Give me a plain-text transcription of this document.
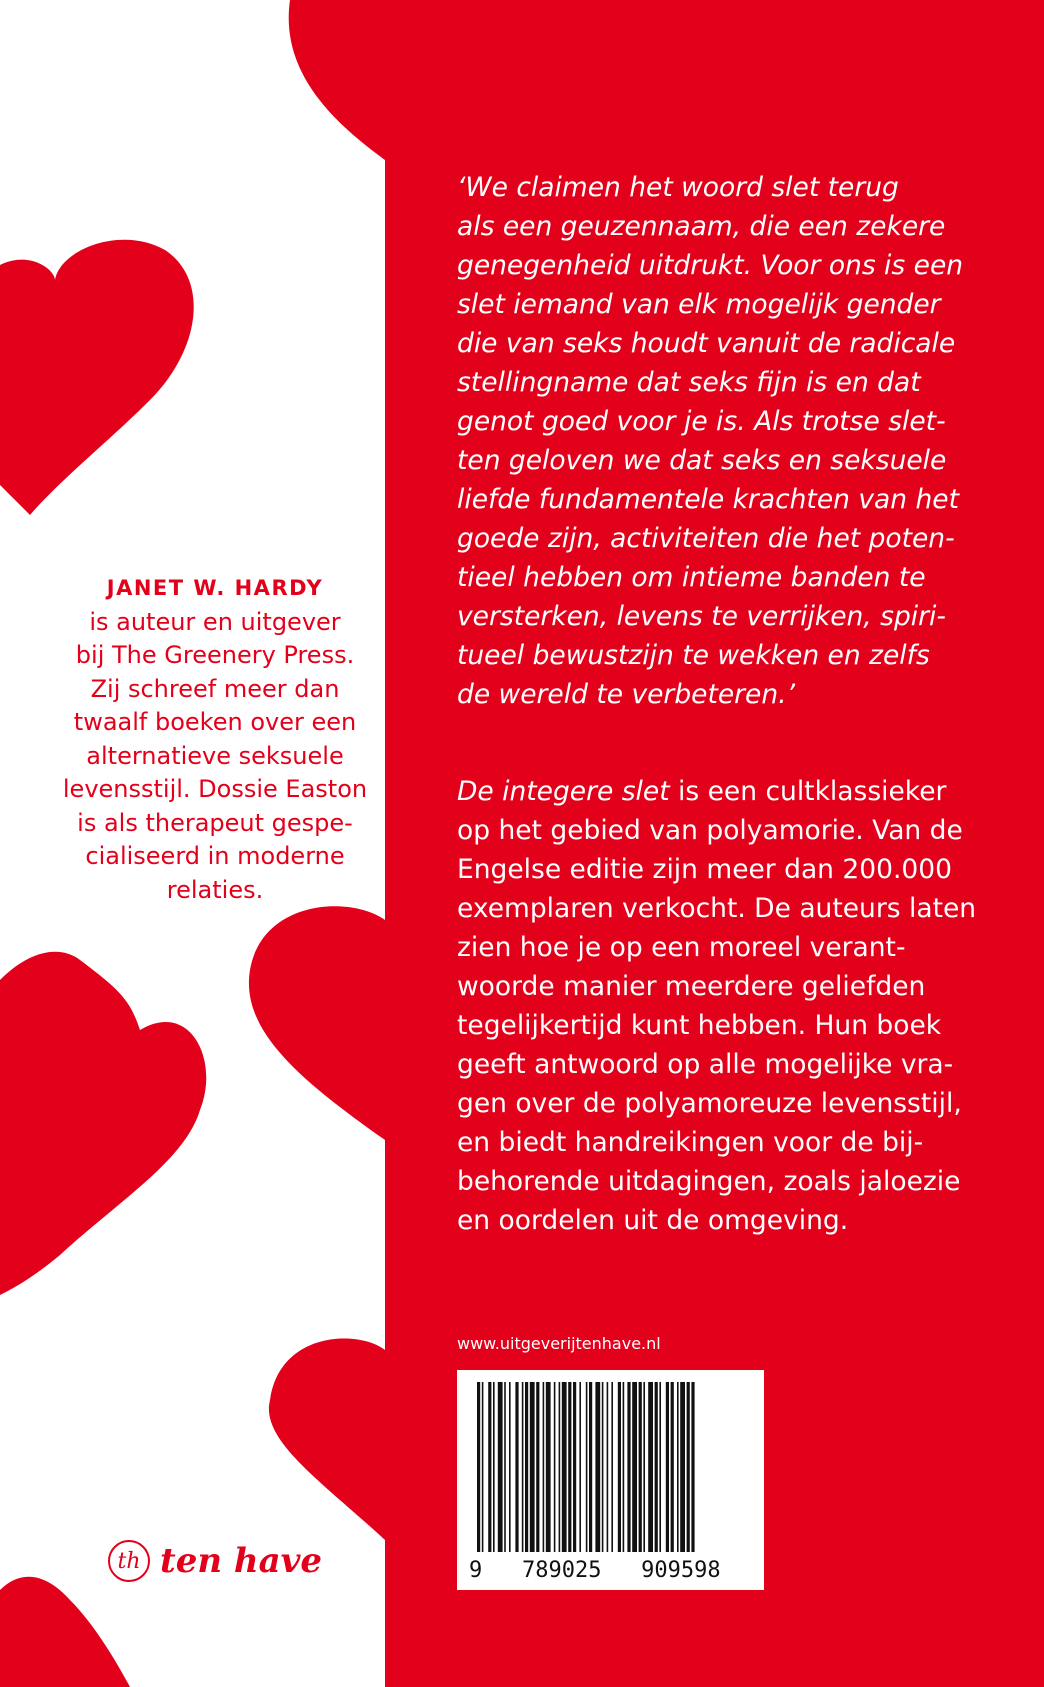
‘We claimen het woord slet terug
als een geuzennaam, die een zekere
genegenheid uitdrukt. Voor ons is een
slet iemand van elk mogelijk gender
die van seks houdt vanuit de radicale
stellingname dat seks fijn is en dat
genot goed voor je is. Als trotse slet-
ten geloven we dat seks en seksuele
liefde fundamentele krachten van het
goede zijn, activiteiten die het poten-
tieel hebben om intieme banden te
versterken, levens te verrijken, spiri-
tueel bewustzijn te wekken en zelfs
de wereld te verbeteren.’
De integere slet is een cultklassieker
op het gebied van polyamorie. Van de
Engelse editie zijn meer dan 200.000
exemplaren verkocht. De auteurs laten
zien hoe je op een moreel verant-
woorde manier meerdere geliefden
tegelijkertijd kunt hebben. Hun boek
geeft antwoord op alle mogelijke vra-
gen over de polyamoreuze levensstijl,
en biedt handreikingen voor de bij-
behorende uitdagingen, zoals jaloezie
en oordelen uit de omgeving.
JANET W. HARDY
is auteur en uitgever
bij The Greenery Press.
Zij schreef meer dan
twaalf boeken over een
alternatieve seksuele
levensstijl. Dossie Easton
is als therapeut gespe-
cialiseerd in moderne
relaties.
www.uitgeverijtenhave.nl
9   789025   909598
th ten have
